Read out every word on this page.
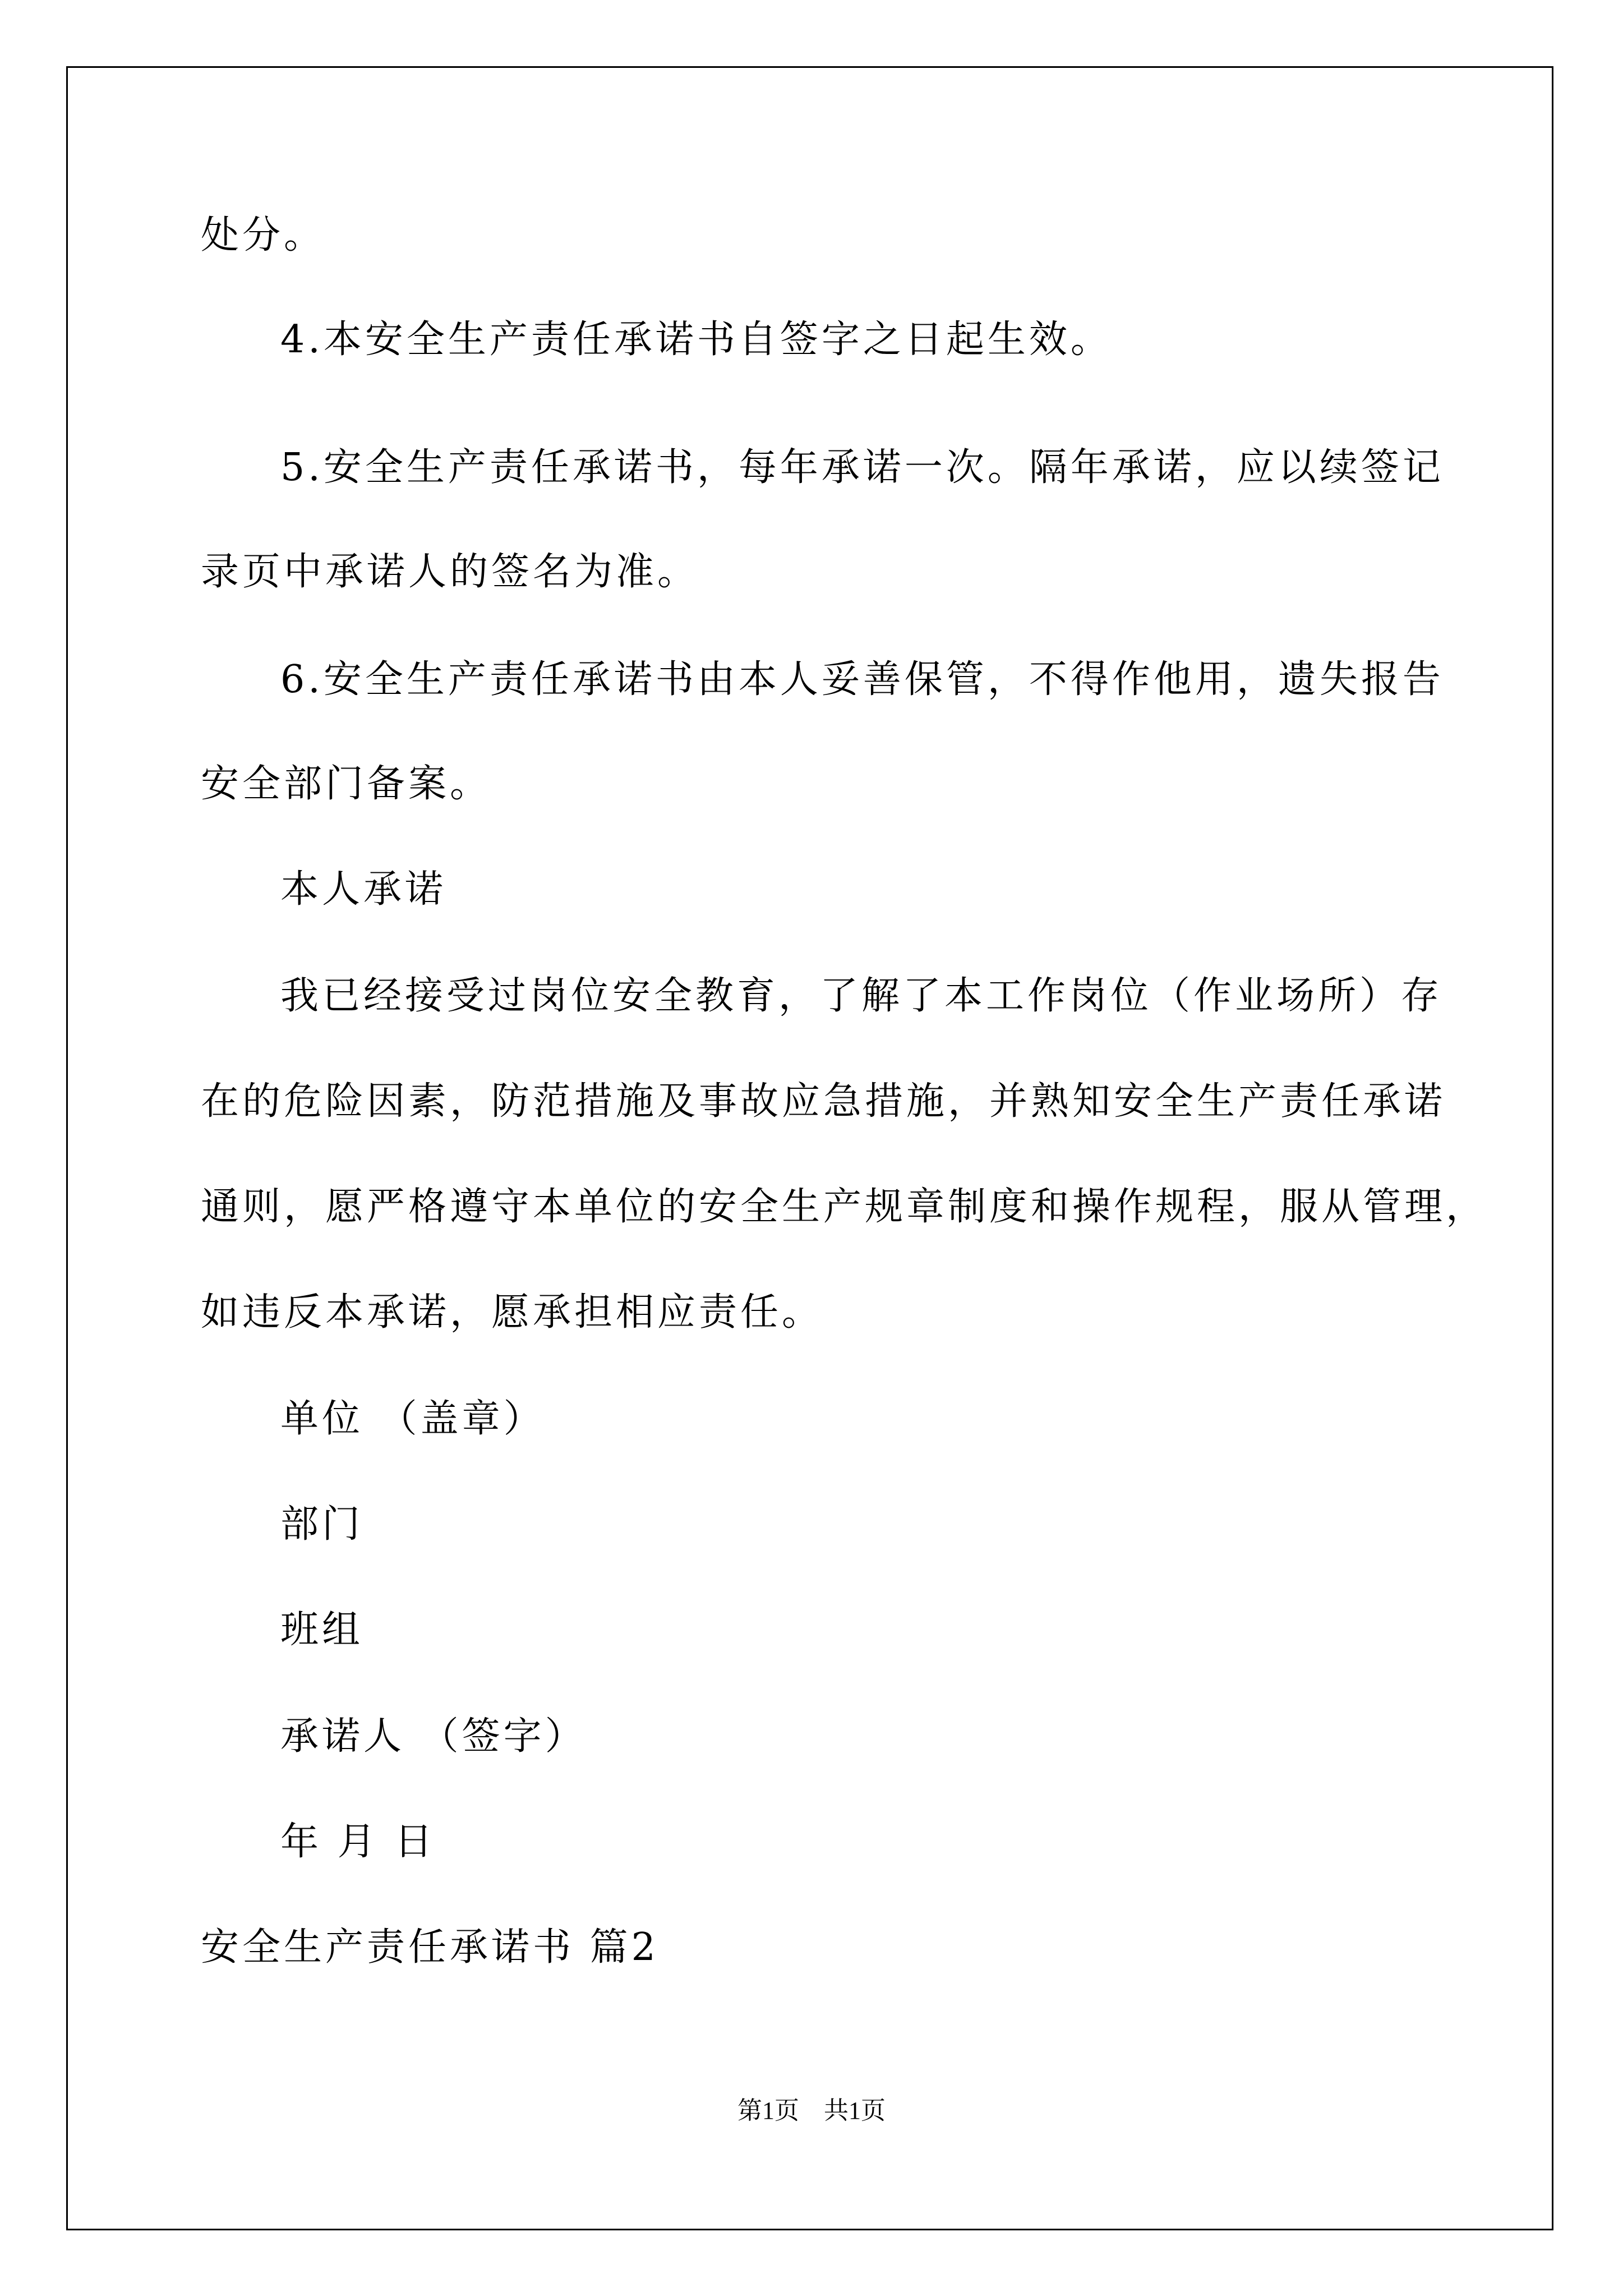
处分。
4.本安全生产责任承诺书自签字之日起生效。
5.安全生产责任承诺书，每年承诺一次。隔年承诺，应以续签记
录页中承诺人的签名为准。
6.安全生产责任承诺书由本人妥善保管，不得作他用，遗失报告
安全部门备案。
本人承诺
我已经接受过岗位安全教育，了解了本工作岗位（作业场所）存
在的危险因素，防范措施及事故应急措施，并熟知安全生产责任承诺
通则，愿严格遵守本单位的安全生产规章制度和操作规程，服从管理，
如违反本承诺，愿承担相应责任。
单位 （盖章）
部门
班组
承诺人 （签字）
年 月 日
安全生产责任承诺书 篇2
第1页　共1页
